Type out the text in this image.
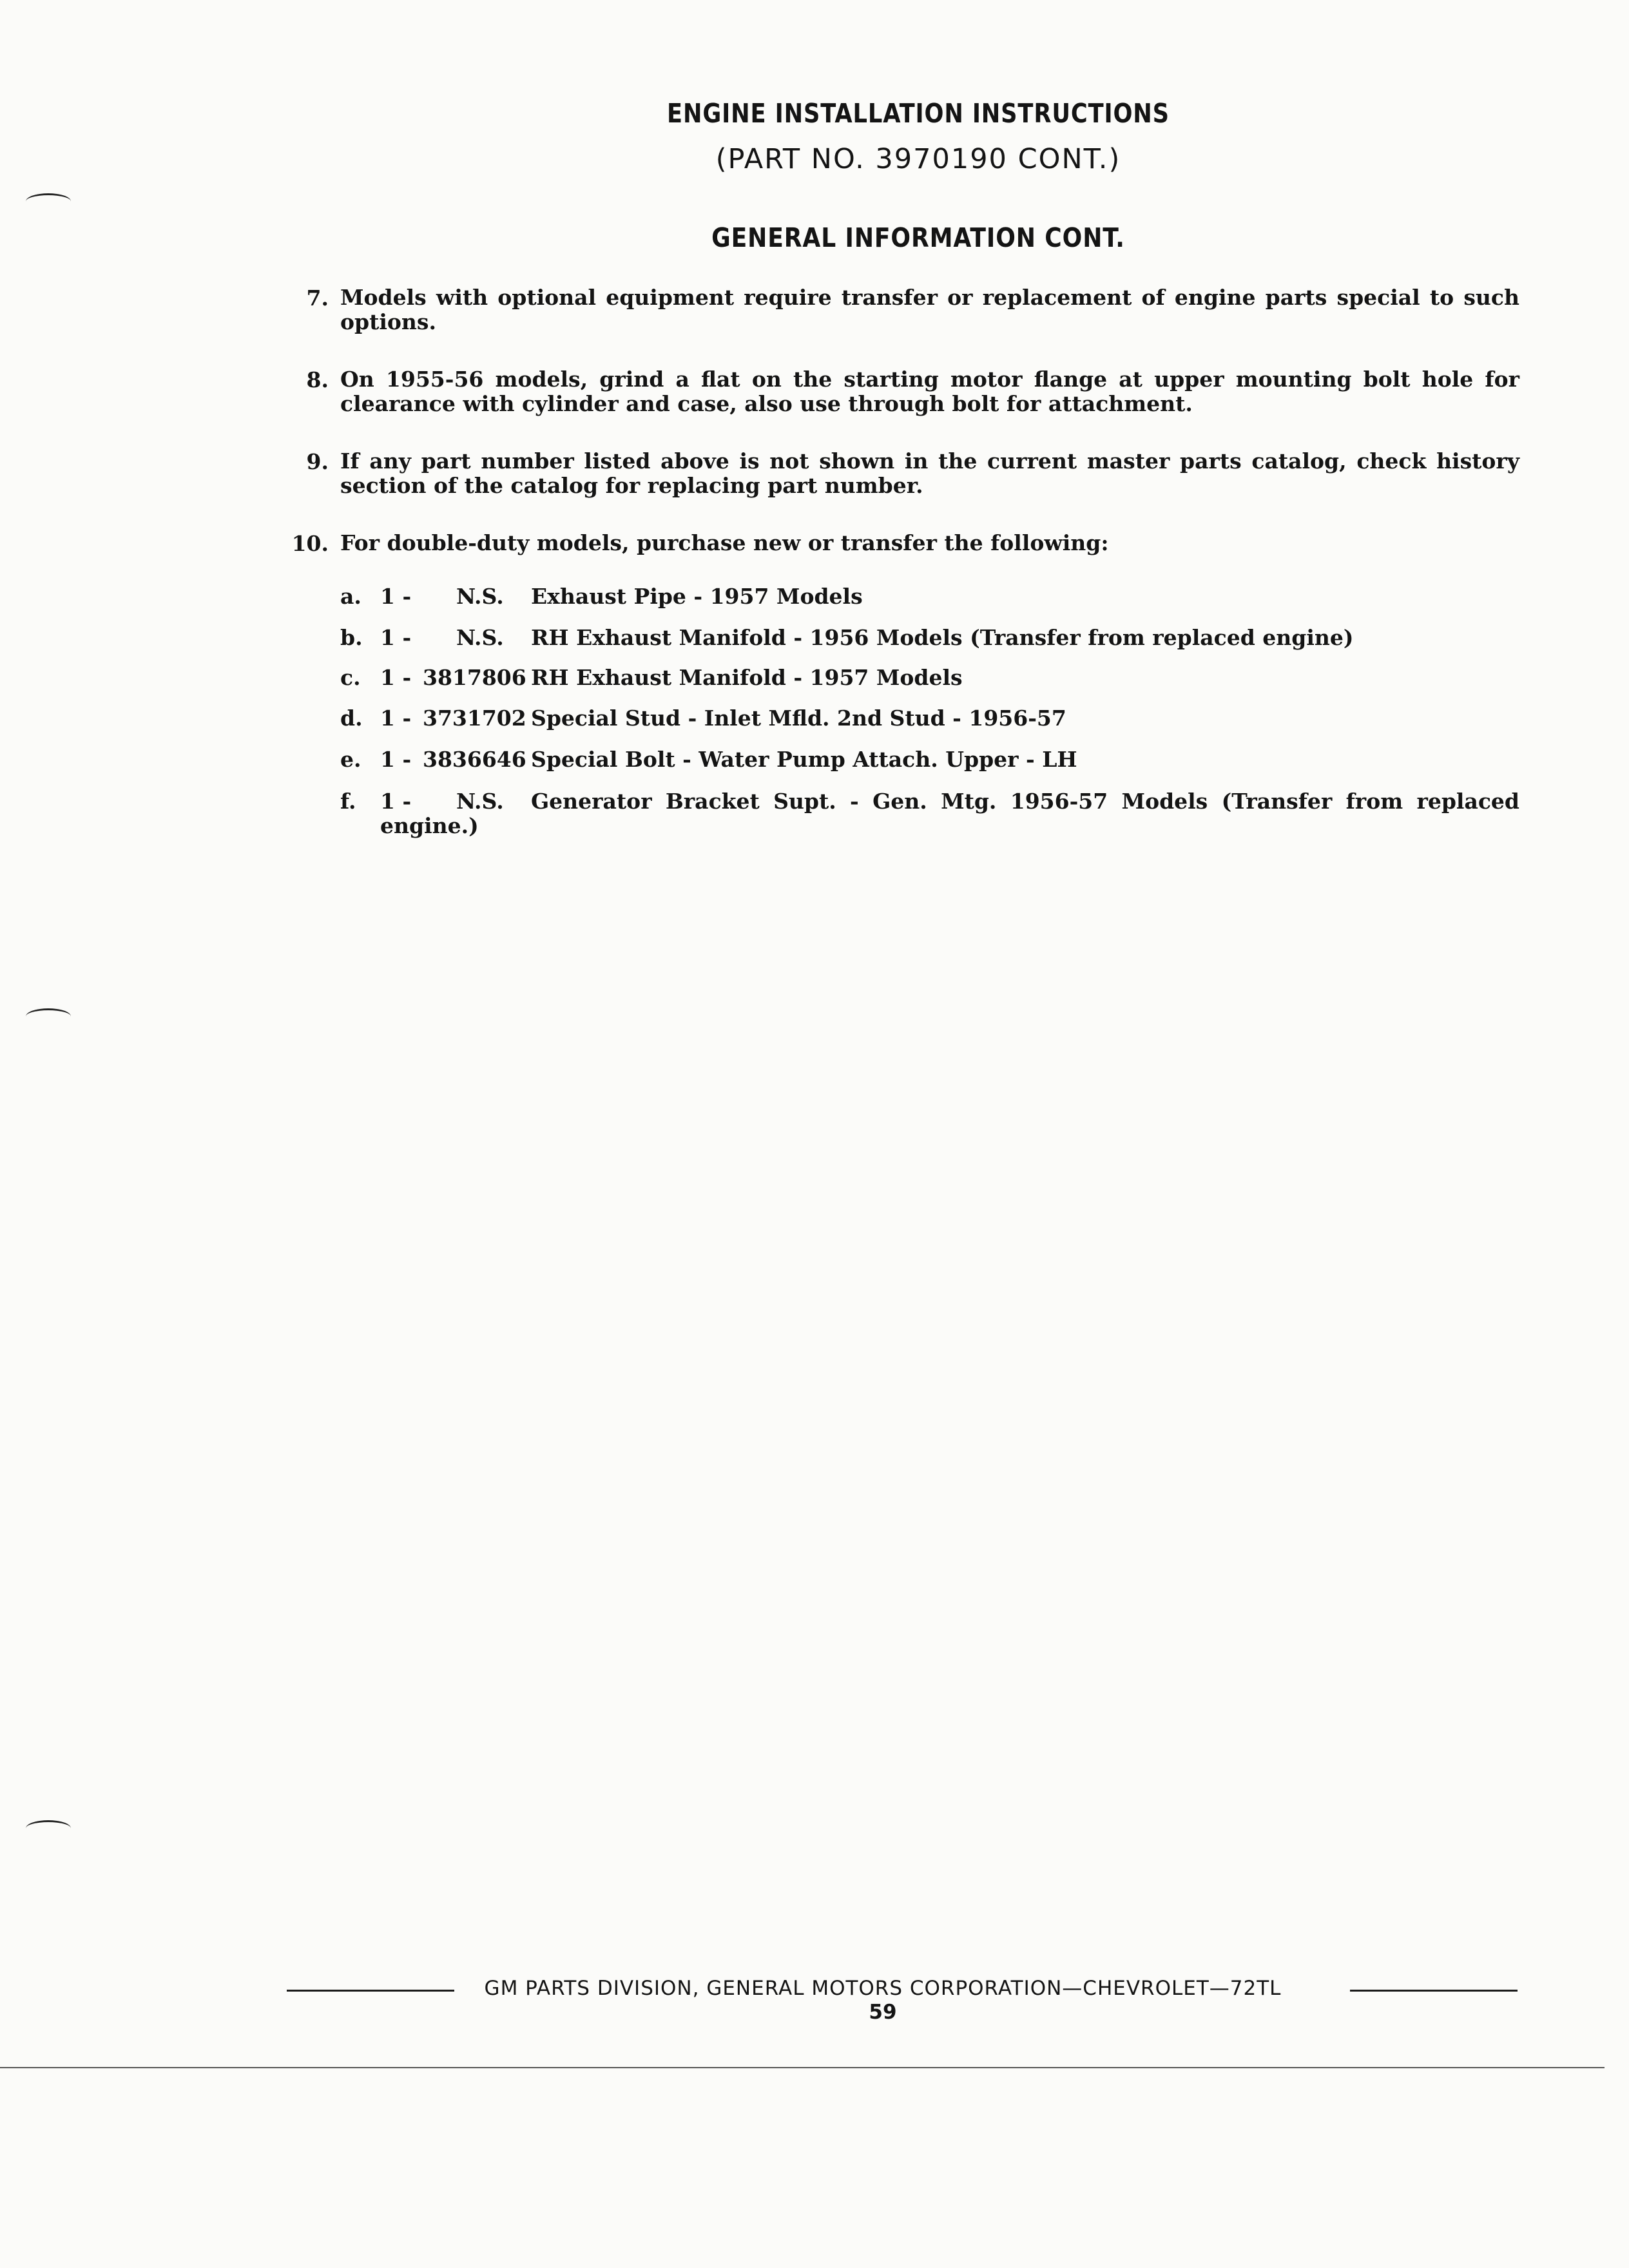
ENGINE INSTALLATION INSTRUCTIONS
(PART NO. 3970190 CONT.)
GENERAL INFORMATION CONT.
7. Models with optional equipment require transfer or replacement of engine parts special to such options.
8. On 1955-56 models, grind a flat on the starting motor flange at upper mounting bolt hole for clearance with cylinder and case, also use through bolt for attachment.
9. If any part number listed above is not shown in the current master parts catalog, check history section of the catalog for replacing part number.
10. For double-duty models, purchase new or transfer the following:
a. 1 - N.S. Exhaust Pipe - 1957 Models
b. 1 - N.S. RH Exhaust Manifold - 1956 Models (Transfer from replaced engine)
c. 1 - 3817806 RH Exhaust Manifold - 1957 Models
d. 1 - 3731702 Special Stud - Inlet Mfld. 2nd Stud - 1956-57
e. 1 - 3836646 Special Bolt - Water Pump Attach. Upper - LH
f. 1 - N.S. Generator Bracket Supt. - Gen. Mtg. 1956-57 Models (Transfer from replaced
engine.)
GM PARTS DIVISION, GENERAL MOTORS CORPORATION—CHEVROLET—72TL
59
